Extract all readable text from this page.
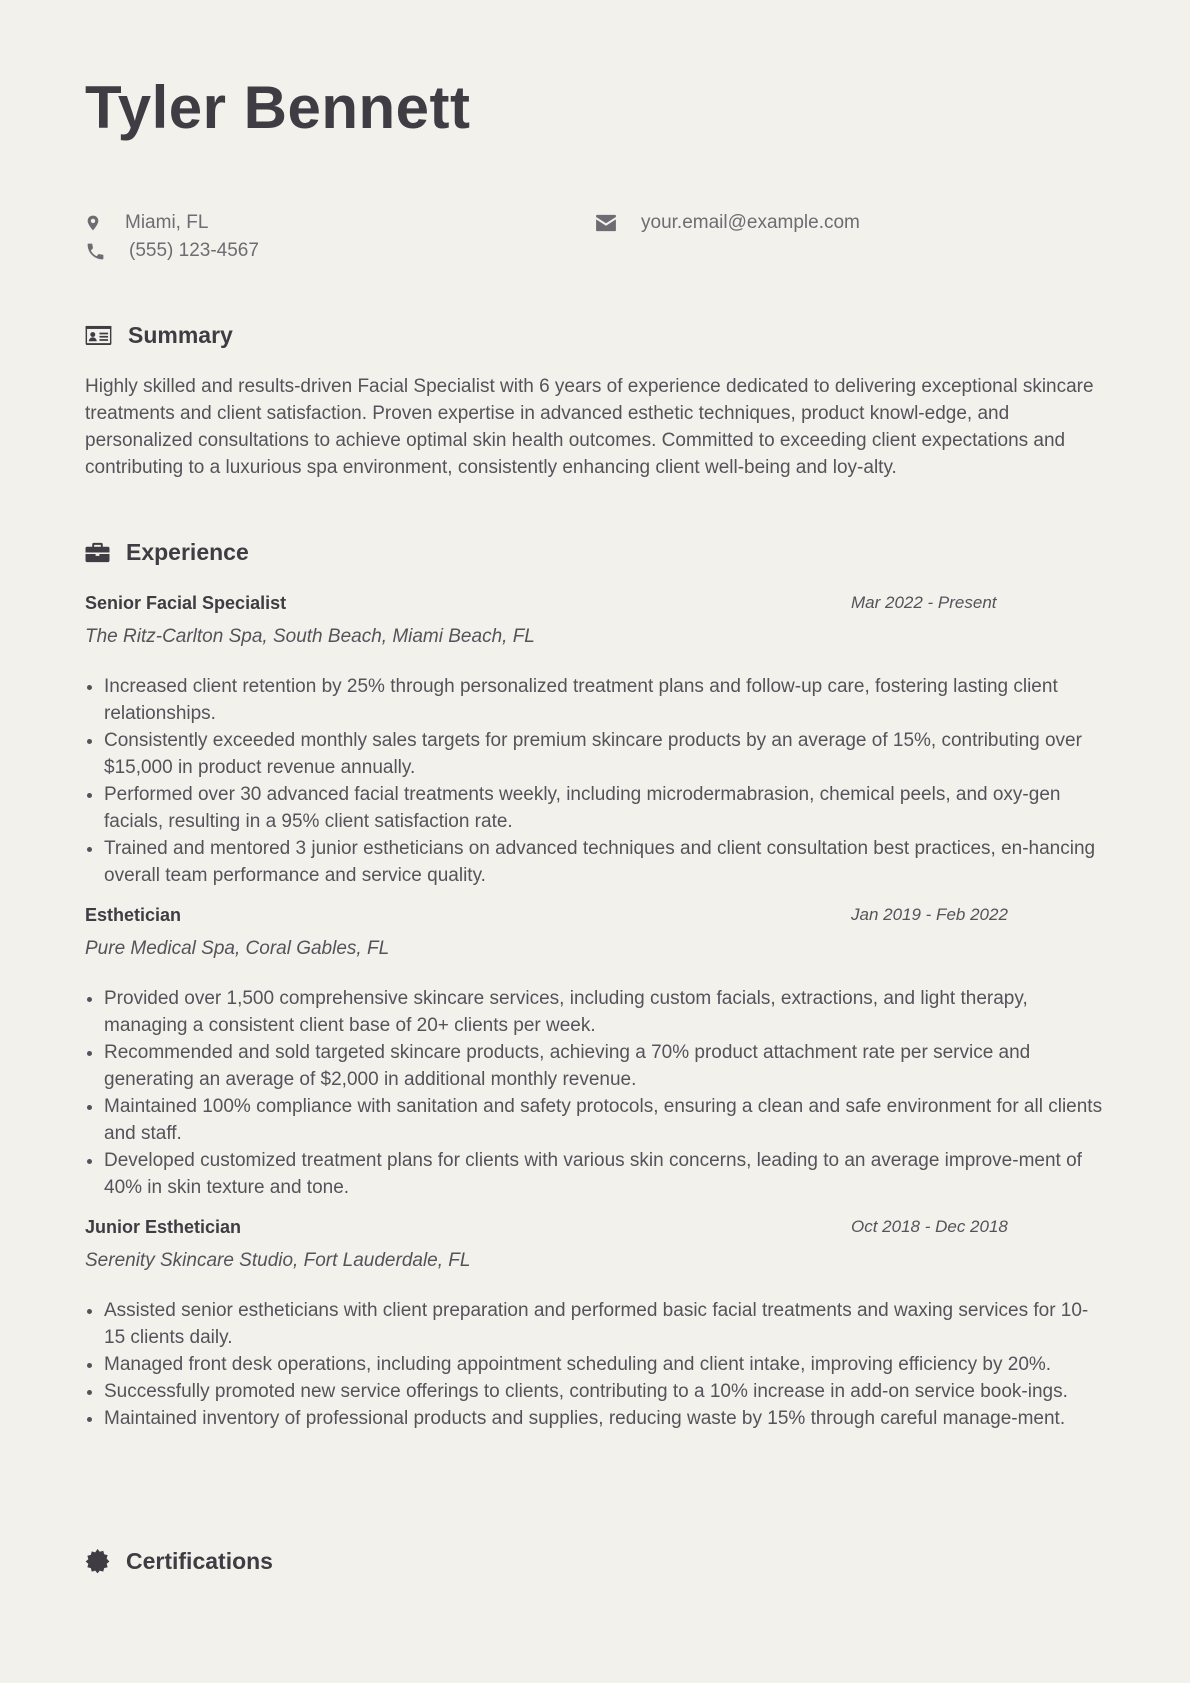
Tyler Bennett
Miami, FL
(555) 123-4567
your.email@example.com
Summary

Highly skilled and results-driven Facial Specialist with 6 years of experience dedicated to delivering exceptional skincare treatments and client satisfaction. Proven expertise in advanced esthetic techniques, product knowl-edge, and personalized consultations to achieve optimal skin health outcomes. Committed to exceeding client expectations and contributing to a luxurious spa environment, consistently enhancing client well-being and loy-alty.

Experience
Senior Facial Specialist	Mar 2022 - Present
The Ritz-Carlton Spa, South Beach, Miami Beach, FL
Increased client retention by 25% through personalized treatment plans and follow-up care, fostering lasting client relationships.
Consistently exceeded monthly sales targets for premium skincare products by an average of 15%, contributing over $15,000 in product revenue annually.
Performed over 30 advanced facial treatments weekly, including microdermabrasion, chemical peels, and oxy-gen facials, resulting in a 95% client satisfaction rate.
Trained and mentored 3 junior estheticians on advanced techniques and client consultation best practices, en-hancing overall team performance and service quality.
Esthetician	Jan 2019 - Feb 2022
Pure Medical Spa, Coral Gables, FL
Provided over 1,500 comprehensive skincare services, including custom facials, extractions, and light therapy, managing a consistent client base of 20+ clients per week.
Recommended and sold targeted skincare products, achieving a 70% product attachment rate per service and generating an average of $2,000 in additional monthly revenue.
Maintained 100% compliance with sanitation and safety protocols, ensuring a clean and safe environment for all clients and staff.
Developed customized treatment plans for clients with various skin concerns, leading to an average improve-ment of 40% in skin texture and tone.
Junior Esthetician	Oct 2018 - Dec 2018
Serenity Skincare Studio, Fort Lauderdale, FL
Assisted senior estheticians with client preparation and performed basic facial treatments and waxing services for 10-15 clients daily.
Managed front desk operations, including appointment scheduling and client intake, improving efficiency by 20%.
Successfully promoted new service offerings to clients, contributing to a 10% increase in add-on service book-ings.
Maintained inventory of professional products and supplies, reducing waste by 15% through careful manage-ment.
Certifications
